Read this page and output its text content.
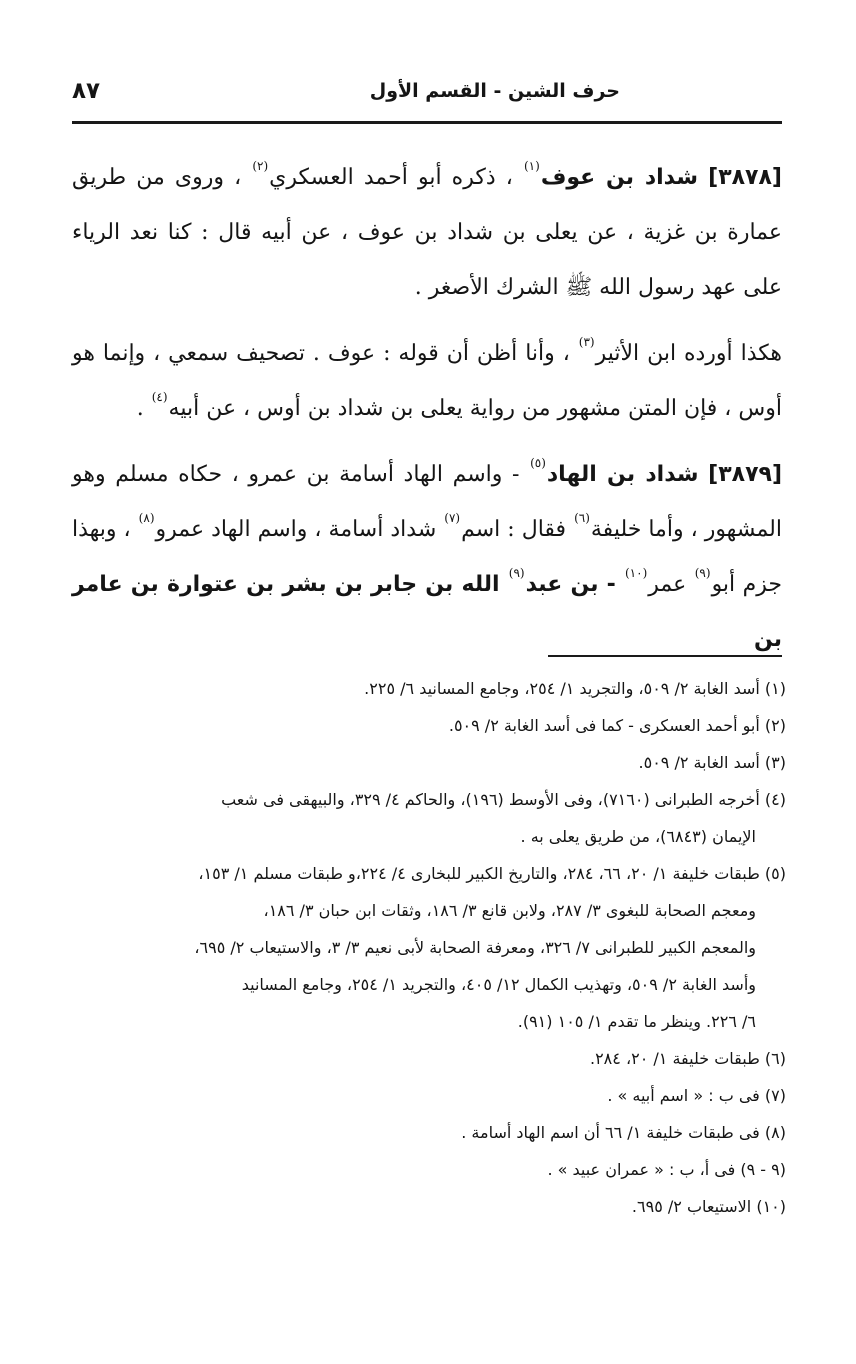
٨٧	حرف الشين - القسم الأول

[٣٨٧٨] شداد بن عوف$^{(١)}$ ، ذكره أبو أحمد العسكري$^{(٢)}$ ، وروى من طريق عمارة بن غزية ، عن يعلى بن شداد بن عوف ، عن أبيه قال : كنا نعد الرياء على عهد رسول الله ﷺ الشرك الأصغر .

هكذا أورده ابن الأثير$^{(٣)}$ ، وأنا أظن أن قوله : عوف . تصحيف سمعي ، وإنما هو أوس ، فإن المتن مشهور من رواية يعلى بن شداد بن أوس ، عن أبيه$^{(٤)}$ .

[٣٨٧٩] شداد بن الهاد$^{(٥)}$ - واسم الهاد أسامة بن عمرو ، حكاه مسلم وهو المشهور ، وأما خليفة$^{(٦)}$ فقال : اسم$^{(٧)}$ شداد أسامة ، واسم الهاد عمرو$^{(٨)}$ ، وبهذا جزم أبو$^{(٩)}$ عمر$^{(١٠)}$ - بن عبد$^{(٩)}$ الله بن جابر بن بشر بن عتوارة بن عامر بن

(١) أسد الغابة ٢/ ٥٠٩، والتجريد ١/ ٢٥٤، وجامع المسانيد ٦/ ٢٢٥.

(٢) أبو أحمد العسكرى - كما فى أسد الغابة ٢/ ٥٠٩.

(٣) أسد الغابة ٢/ ٥٠٩.

(٤) أخرجه الطبرانى (٧١٦٠)، وفى الأوسط (١٩٦)، والحاكم ٤/ ٣٢٩، والبيهقى فى شعب

الإيمان (٦٨٤٣)، من طريق يعلى به .

(٥) طبقات خليفة ١/ ٢٠، ٦٦، ٢٨٤، والتاريخ الكبير للبخارى ٤/ ٢٢٤،و طبقات مسلم ١/ ١٥٣،

ومعجم الصحابة للبغوى ٣/ ٢٨٧، ولابن قانع ٣/ ١٨٦، وثقات ابن حبان ٣/ ١٨٦،

والمعجم الكبير للطبرانى ٧/ ٣٢٦، ومعرفة الصحابة لأبى نعيم ٣/ ٣، والاستيعاب ٢/ ٦٩٥،

وأسد الغابة ٢/ ٥٠٩، وتهذيب الكمال ١٢/ ٤٠٥، والتجريد ١/ ٢٥٤، وجامع المسانيد

٦/ ٢٢٦. وينظر ما تقدم ١/ ١٠٥ (٩١).

(٦) طبقات خليفة ١/ ٢٠، ٢٨٤.

(٧) فى ب : « اسم أبيه » .

(٨) فى طبقات خليفة ١/ ٦٦ أن اسم الهاد أسامة .

(٩ - ٩) فى أ، ب : « عمران عبيد » .

(١٠) الاستيعاب ٢/ ٦٩٥.
